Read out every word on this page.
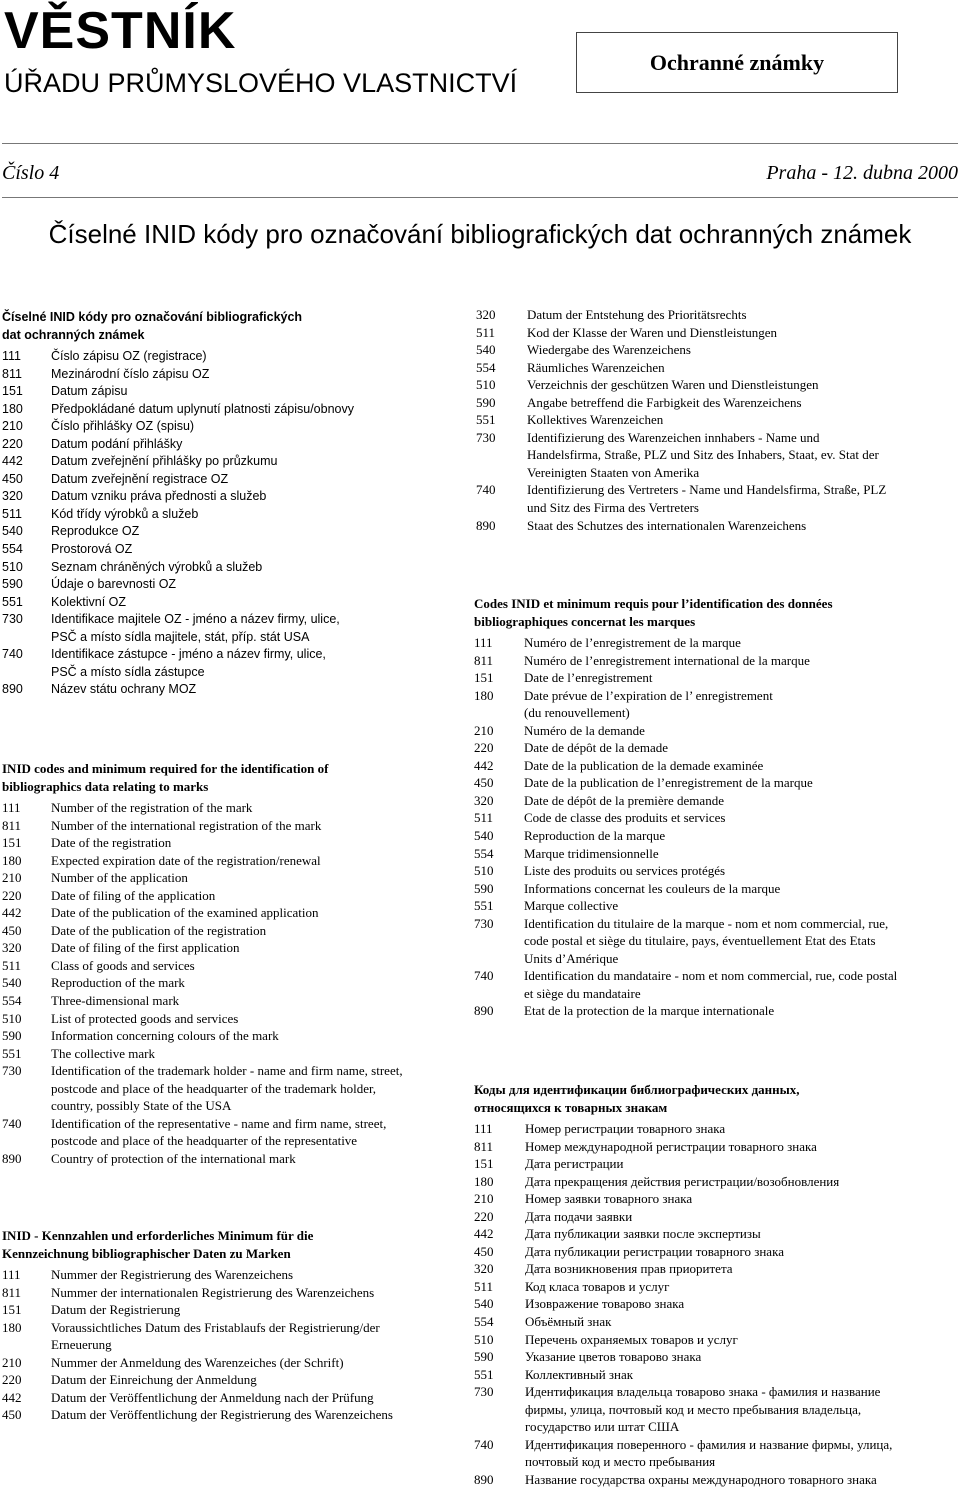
VĚSTNÍK
ÚŘADU PRŮMYSLOVÉHO VLASTNICTVÍ
Ochranné známky
Číslo 4	Praha - 12. dubna 2000
Číselné INID kódy pro označování bibliografických dat ochranných známek
Číselné INID kódy pro označování bibliografických
dat ochranných známek
111	Číslo zápisu OZ (registrace)
811	Mezinárodní číslo zápisu OZ
151	Datum zápisu
180	Předpokládané datum uplynutí platnosti zápisu/obnovy
210	Číslo přihlášky OZ (spisu)
220	Datum podání přihlášky
442	Datum zveřejnění přihlášky po průzkumu
450	Datum zveřejnění registrace OZ
320	Datum vzniku práva přednosti a služeb
511	Kód třídy výrobků a služeb
540	Reprodukce OZ
554	Prostorová OZ
510	Seznam chráněných výrobků a služeb
590	Údaje o barevnosti OZ
551	Kolektivní OZ
730	Identifikace majitele OZ - jméno a název firmy, ulice,
PSČ a místo sídla majitele, stát, příp. stát USA
740	Identifikace zástupce - jméno a název firmy, ulice,
PSČ a místo sídla zástupce
890	Název státu ochrany MOZ
INID codes and minimum required for the identification of
bibliographics data relating to marks
111	Number of the registration of the mark
811	Number of the international registration of the mark
151	Date of the registration
180	Expected expiration date of the registration/renewal
210	Number of the application
220	Date of filing of the application
442	Date of the publication of the examined application
450	Date of the publication of the registration
320	Date of filing of the first application
511	Class of goods and services
540	Reproduction of the mark
554	Three-dimensional mark
510	List of protected goods and services
590	Information concerning colours of the mark
551	The collective mark
730	Identification of the trademark holder - name and firm name, street,
postcode and place of the headquarter of the trademark holder,
country, possibly State of the USA
740	Identification of the representative - name and firm name, street,
postcode and place of the headquarter of the representative
890	Country of protection of the international mark
INID - Kennzahlen und erforderliches Minimum für die
Kennzeichnung bibliographischer Daten zu Marken
111	Nummer der Registrierung des Warenzeichens
811	Nummer der internationalen Registrierung des Warenzeichens
151	Datum der Registrierung
180	Voraussichtliches Datum des Fristablaufs der Registrierung/der
Erneuerung
210	Nummer der Anmeldung des Warenzeiches (der Schrift)
220	Datum der Einreichung der Anmeldung
442	Datum der Veröffentlichung der Anmeldung nach der Prüfung
450	Datum der Veröffentlichung der Registrierung des Warenzeichens
320	Datum der Entstehung des Prioritätsrechts
511	Kod der Klasse der Waren und Dienstleistungen
540	Wiedergabe des Warenzeichens
554	Räumliches Warenzeichen
510	Verzeichnis der geschützen Waren und Dienstleistungen
590	Angabe betreffend die Farbigkeit des Warenzeichens
551	Kollektives Warenzeichen
730	Identifizierung des Warenzeichen innhabers - Name und
Handelsfirma, Straße, PLZ und Sitz des Inhabers, Staat, ev. Stat der
Vereinigten Staaten von Amerika
740	Identifizierung des Vertreters - Name und Handelsfirma, Straße, PLZ
und Sitz des Firma des Vertreters
890	Staat des Schutzes des internationalen Warenzeichens
Codes INID et minimum requis pour l’identification des données
bibliographiques concernat les marques
111	Numéro de l’enregistrement de la marque
811	Numéro de l’enregistrement international de la marque
151	Date de l’enregistrement
180	Date prévue de l’expiration de l’ enregistrement
(du renouvellement)
210	Numéro de la demande
220	Date de dépôt de la demade
442	Date de la publication de la demade examinée
450	Date de la publication de l’enregistrement de la marque
320	Date de dépôt de la première demande
511	Code de classe des produits et services
540	Reproduction de la marque
554	Marque tridimensionnelle
510	Liste des produits ou services protégés
590	Informations concernat les couleurs de la marque
551	Marque collective
730	Identification du titulaire de la marque - nom et nom commercial, rue,
code postal et siège du titulaire, pays, éventuellement Etat des Etats
Units d’Amérique
740	Identification du mandataire - nom et nom commercial, rue, code postal
et siège du mandataire
890	Etat de la protection de la marque internationale
Коды для идентификации библиографических данных,
относящихся к товарных знакам
111	Номер регистрации товарного знака
811	Номер международной регистрации товарного знака
151	Дата регистрации
180	Дата прекращения действия регистрации/возобновления
210	Номер заявки товарного знака
220	Дата подачи заявки
442	Дата публикации заявки после экспертизы
450	Дата публикации регистрации товарного знака
320	Дата возникновения прав приоритета
511	Код класа товаров и услуг
540	Изовражение товарово знака
554	Объёмный знак
510	Перечень охраняемых товаров и услуг
590	Указание цветов товарово знака
551	Коллективный знак
730	Идентификация владельца товарово знака - фамилия и название
фирмы, улица, почтовый код и место пребывания владельца,
государство или штат США
740	Идентификация поверенного - фамилия и название фирмы, улица,
почтовый код и место пребывания
890	Название государства охраны международного товарного знака
